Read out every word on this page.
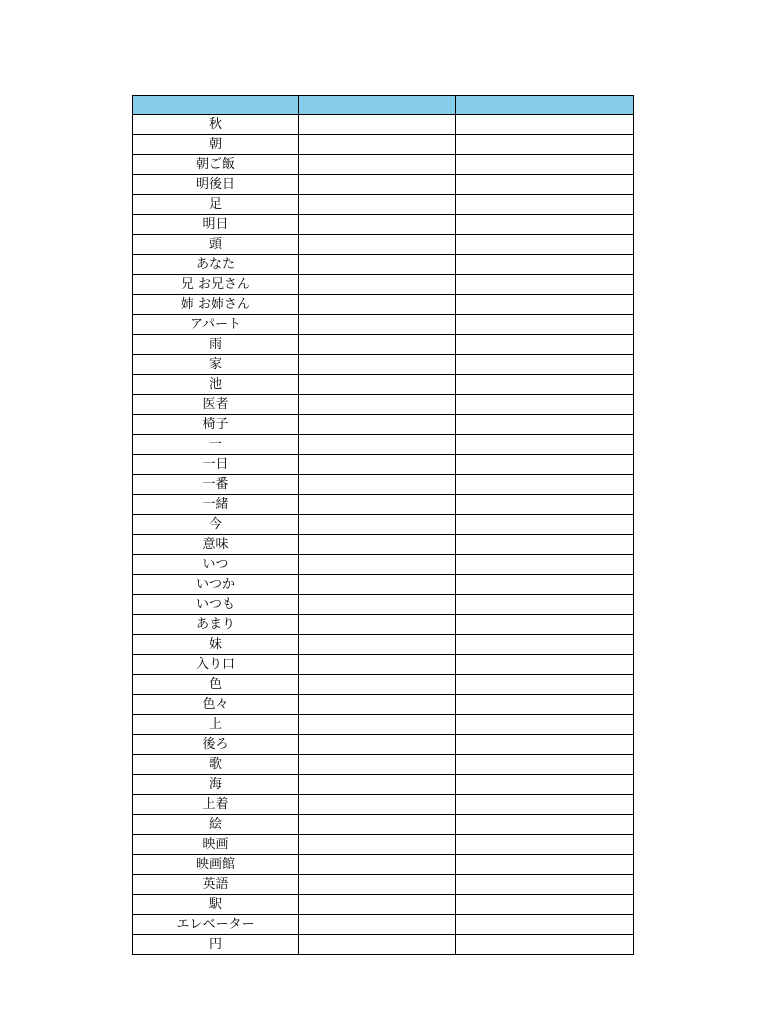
秋		
朝		
朝ご飯		
明後日		
足		
明日		
頭		
あなた		
兄 お兄さん		
姉 お姉さん		
アパート		
雨		
家		
池		
医者		
椅子		
一		
一日		
一番		
一緒		
今		
意味		
いつ		
いつか		
いつも		
あまり		
妹		
入り口		
色		
色々		
上		
後ろ		
歌		
海		
上着		
絵		
映画		
映画館		
英語		
駅		
エレベーター		
円		
